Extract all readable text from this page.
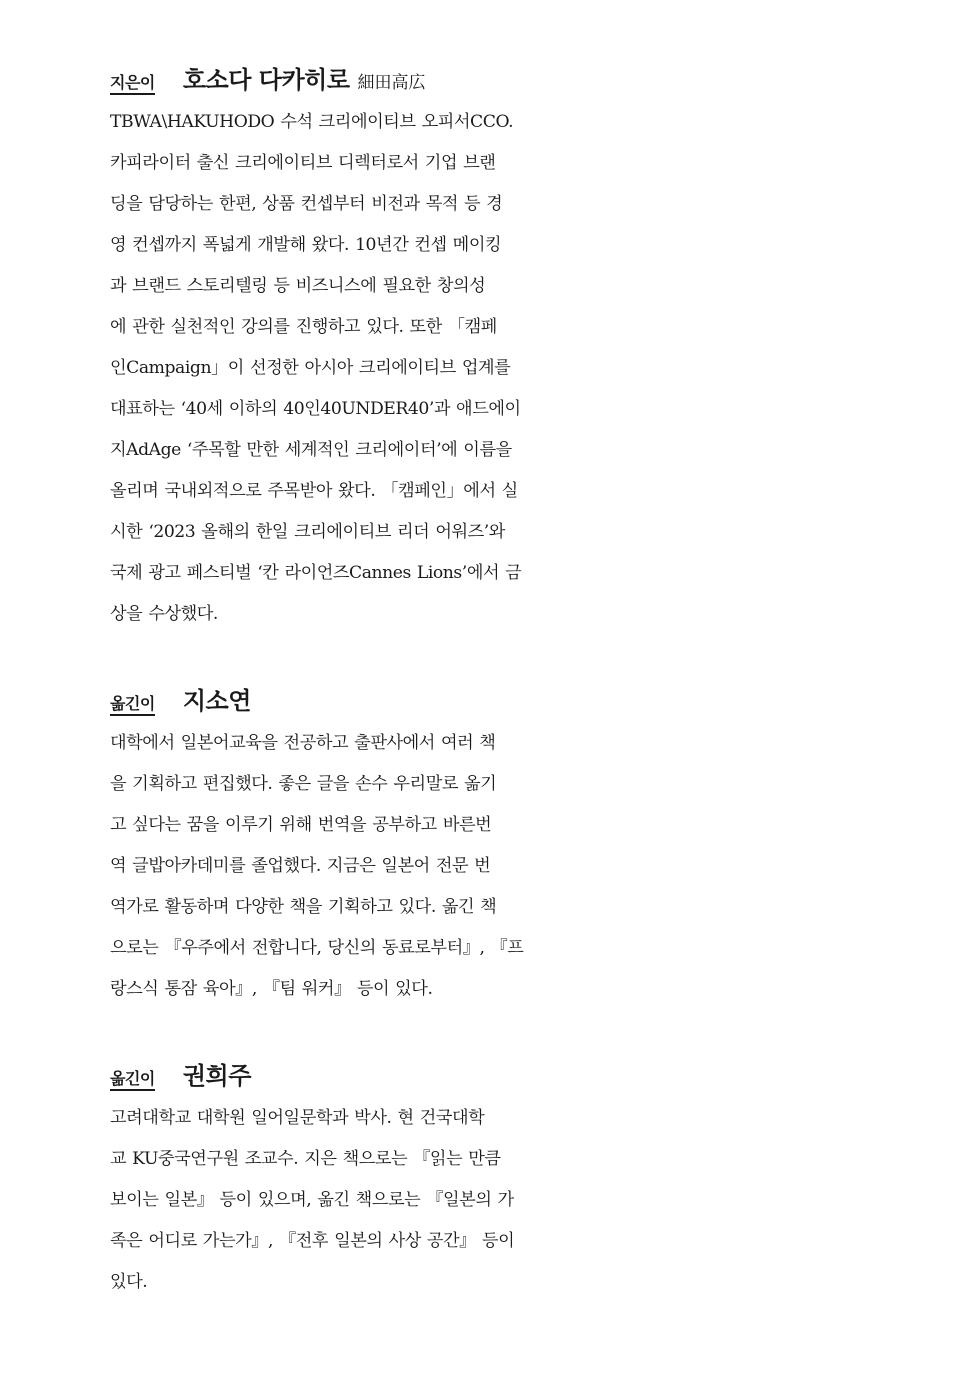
지은이 호소다 다카히로 細田高広

TBWA\HAKUHODO 수석 크리에이티브 오피서CCO.
카피라이터 출신 크리에이티브 디렉터로서 기업 브랜
딩을 담당하는 한편, 상품 컨셉부터 비전과 목적 등 경
영 컨셉까지 폭넓게 개발해 왔다. 10년간 컨셉 메이킹
과 브랜드 스토리텔링 등 비즈니스에 필요한 창의성
에 관한 실천적인 강의를 진행하고 있다. 또한 「캠페
인Campaign」이 선정한 아시아 크리에이티브 업계를
대표하는 ‘40세 이하의 40인40UNDER40’과 애드에이
지AdAge ‘주목할 만한 세계적인 크리에이터’에 이름을
올리며 국내외적으로 주목받아 왔다. 「캠페인」에서 실
시한 ‘2023 올해의 한일 크리에이티브 리더 어워즈’와
국제 광고 페스티벌 ‘칸 라이언즈Cannes Lions’에서 금
상을 수상했다.

옮긴이 지소연

대학에서 일본어교육을 전공하고 출판사에서 여러 책
을 기획하고 편집했다. 좋은 글을 손수 우리말로 옮기
고 싶다는 꿈을 이루기 위해 번역을 공부하고 바른번
역 글밥아카데미를 졸업했다. 지금은 일본어 전문 번
역가로 활동하며 다양한 책을 기획하고 있다. 옮긴 책
으로는 『우주에서 전합니다, 당신의 동료로부터』, 『프
랑스식 통잠 육아』, 『팀 워커』 등이 있다.

옮긴이 권희주

고려대학교 대학원 일어일문학과 박사. 현 건국대학
교 KU중국연구원 조교수. 지은 책으로는 『읽는 만큼
보이는 일본』 등이 있으며, 옮긴 책으로는 『일본의 가
족은 어디로 가는가』, 『전후 일본의 사상 공간』 등이
있다.
